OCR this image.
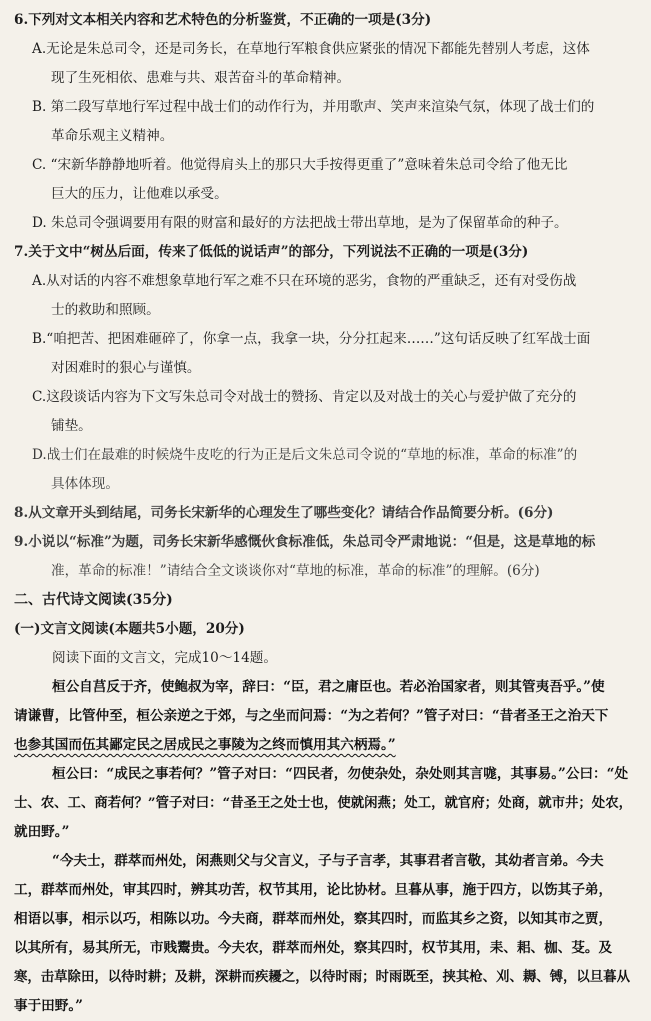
6.下列对文本相关内容和艺术特色的分析鉴赏，不正确的一项是(3分)
A.无论是朱总司令，还是司务长，在草地行军粮食供应紧张的情况下都能先替别人考虑，这体
现了生死相依、患难与共、艰苦奋斗的革命精神。
B. 第二段写草地行军过程中战士们的动作行为，并用歌声、笑声来渲染气氛，体现了战士们的
革命乐观主义精神。
C. “宋新华静静地听着。他觉得肩头上的那只大手按得更重了”意味着朱总司令给了他无比
巨大的压力，让他难以承受。
D. 朱总司令强调要用有限的财富和最好的方法把战士带出草地，是为了保留革命的种子。
7.关于文中“树丛后面，传来了低低的说话声”的部分，下列说法不正确的一项是(3分)
A.从对话的内容不难想象草地行军之难不只在环境的恶劣，食物的严重缺乏，还有对受伤战
士的救助和照顾。
B.“咱把苦、把困难砸碎了，你拿一点，我拿一块，分分扛起来……”这句话反映了红军战士面
对困难时的狠心与谨慎。
C.这段谈话内容为下文写朱总司令对战士的赞扬、肯定以及对战士的关心与爱护做了充分的
铺垫。
D.战士们在最难的时候烧牛皮吃的行为正是后文朱总司令说的“草地的标准，革命的标准”的
具体体现。
8.从文章开头到结尾，司务长宋新华的心理发生了哪些变化？请结合作品简要分析。(6分)
9.小说以“标准”为题，司务长宋新华感慨伙食标准低，朱总司令严肃地说：“但是，这是草地的标
准，革命的标准！”请结合全文谈谈你对“草地的标准，革命的标准”的理解。(6分)
二、古代诗文阅读(35分)
(一)文言文阅读(本题共5小题，20分)
阅读下面的文言文，完成10～14题。
桓公自莒反于齐，使鲍叔为宰，辞曰：“臣，君之庸臣也。若必治国家者，则其管夷吾乎。”使
请谦曹，比管仲至，桓公亲逆之于郊，与之坐而问焉：“为之若何？”管子对曰：“昔者圣王之治天下
也参其国而伍其鄙定民之居成民之事陵为之终而慎用其六柄焉。”
桓公曰：“成民之事若何？”管子对曰：“四民者，勿使杂处，杂处则其言哤，其事易。”公曰：“处
士、农、工、商若何？”管子对曰：“昔圣王之处士也，使就闲燕；处工，就官府；处商，就市井；处农，
就田野。”
“今夫士，群萃而州处，闲燕则父与父言义，子与子言孝，其事君者言敬，其幼者言弟。今夫
工，群萃而州处，审其四时，辨其功苦，权节其用，论比协材。旦暮从事，施于四方，以饬其子弟，
相语以事，相示以巧，相陈以功。今夫商，群萃而州处，察其四时，而监其乡之资，以知其市之贾，
以其所有，易其所无，市贱鬻贵。今夫农，群萃而州处，察其四时，权节其用，耒、耜、枷、芟。及
寒，击草除田，以待时耕；及耕，深耕而疾耰之，以待时雨；时雨既至，挟其枪、刈、耨、镈，以旦暮从
事于田野。”
